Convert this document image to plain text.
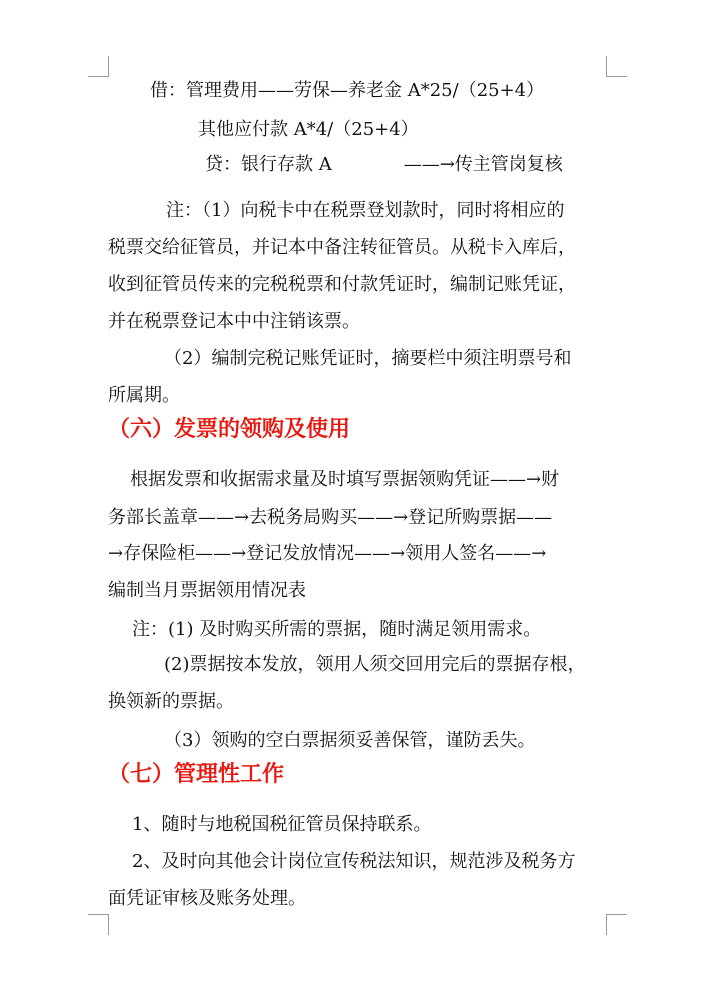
借：管理费用——劳保—养老金 A*25/（25+4）
其他应付款 A*4/（25+4）
贷：银行存款 A　　　　——→传主管岗复核
注：（1）向税卡中在税票登划款时，同时将相应的
税票交给征管员，并记本中备注转征管员。从税卡入库后，
收到征管员传来的完税税票和付款凭证时，编制记账凭证，
并在税票登记本中中注销该票。
（2）编制完税记账凭证时，摘要栏中须注明票号和
所属期。
（六）发票的领购及使用
根据发票和收据需求量及时填写票据领购凭证——→财
务部长盖章——→去税务局购买——→登记所购票据——
→存保险柜——→登记发放情况——→领用人签名——→
编制当月票据领用情况表
注：(1) 及时购买所需的票据，随时满足领用需求。
(2)票据按本发放，领用人须交回用完后的票据存根，
换领新的票据。
（3）领购的空白票据须妥善保管，谨防丢失。
（七）管理性工作
1、随时与地税国税征管员保持联系。
2、及时向其他会计岗位宣传税法知识，规范涉及税务方
面凭证审核及账务处理。
